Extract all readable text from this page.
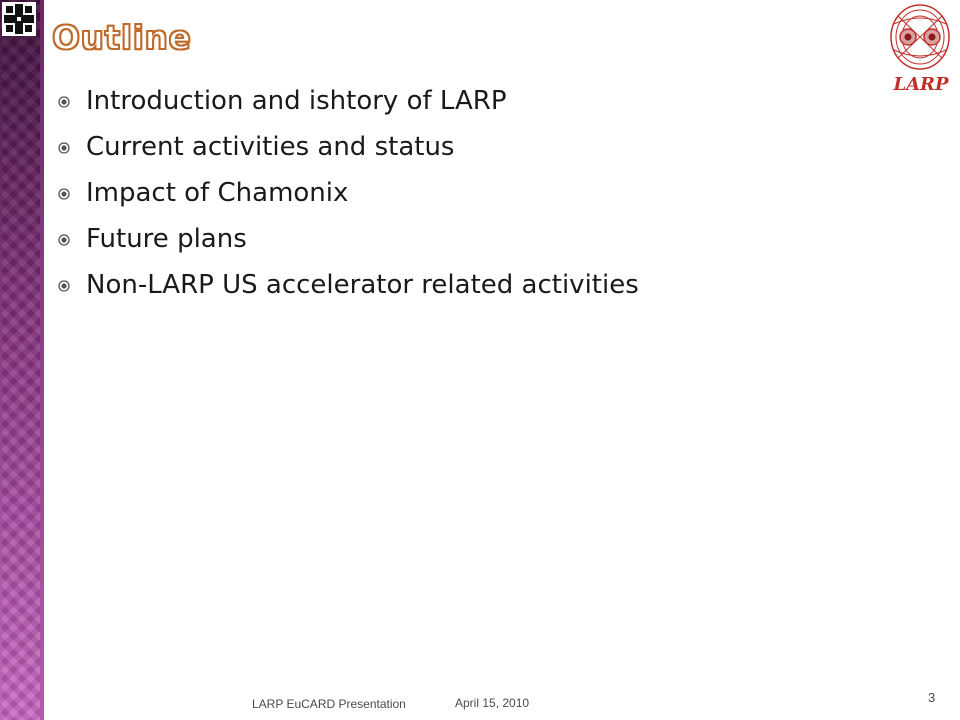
Outline
LARP
Introduction and ishtory of LARP
Current activities and status
Impact of Chamonix
Future plans
Non-LARP US accelerator related activities
LARP EuCARD Presentation	April 15, 2010	3
